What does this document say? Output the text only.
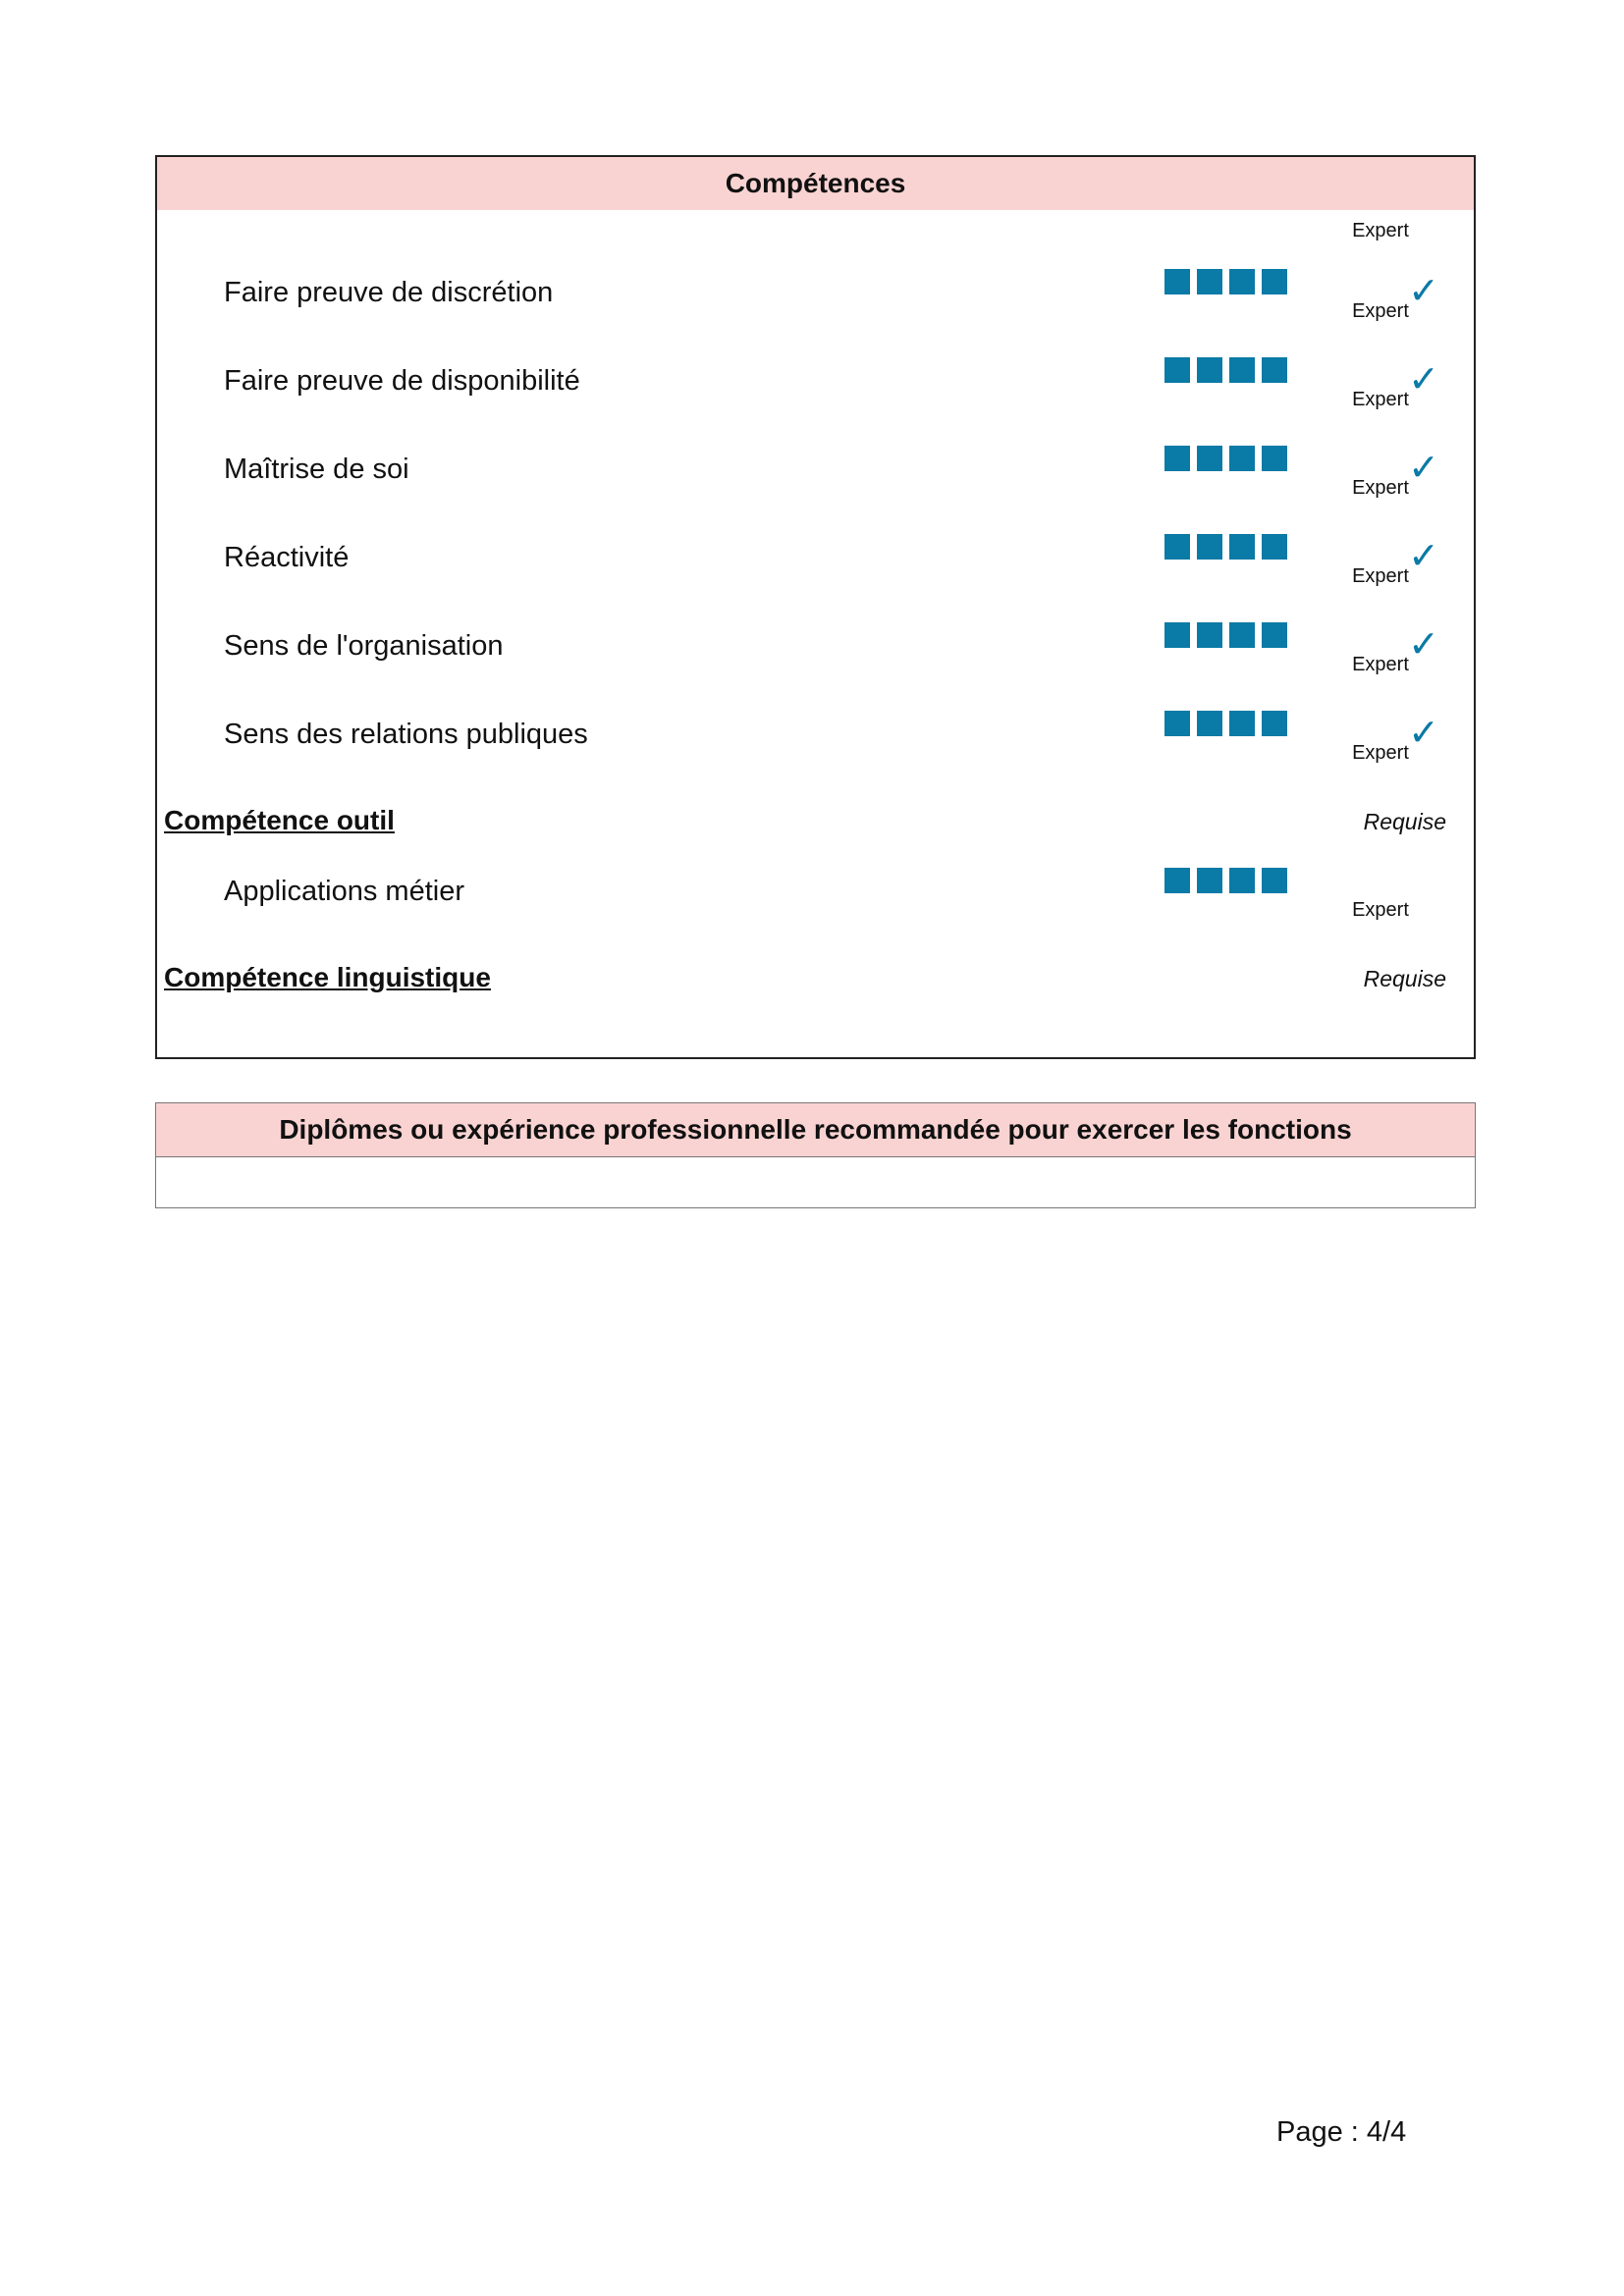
Compétences
Expert
Faire preuve de discrétion
Expert ✓
Faire preuve de disponibilité
Expert ✓
Maîtrise de soi
Expert ✓
Réactivité
Expert ✓
Sens de l'organisation
Expert ✓
Sens des relations publiques
Expert ✓
Compétence outil	Requise
Applications métier
Expert
Compétence linguistique	Requise
Diplômes ou expérience professionnelle recommandée pour exercer les fonctions
Page : 4/4
